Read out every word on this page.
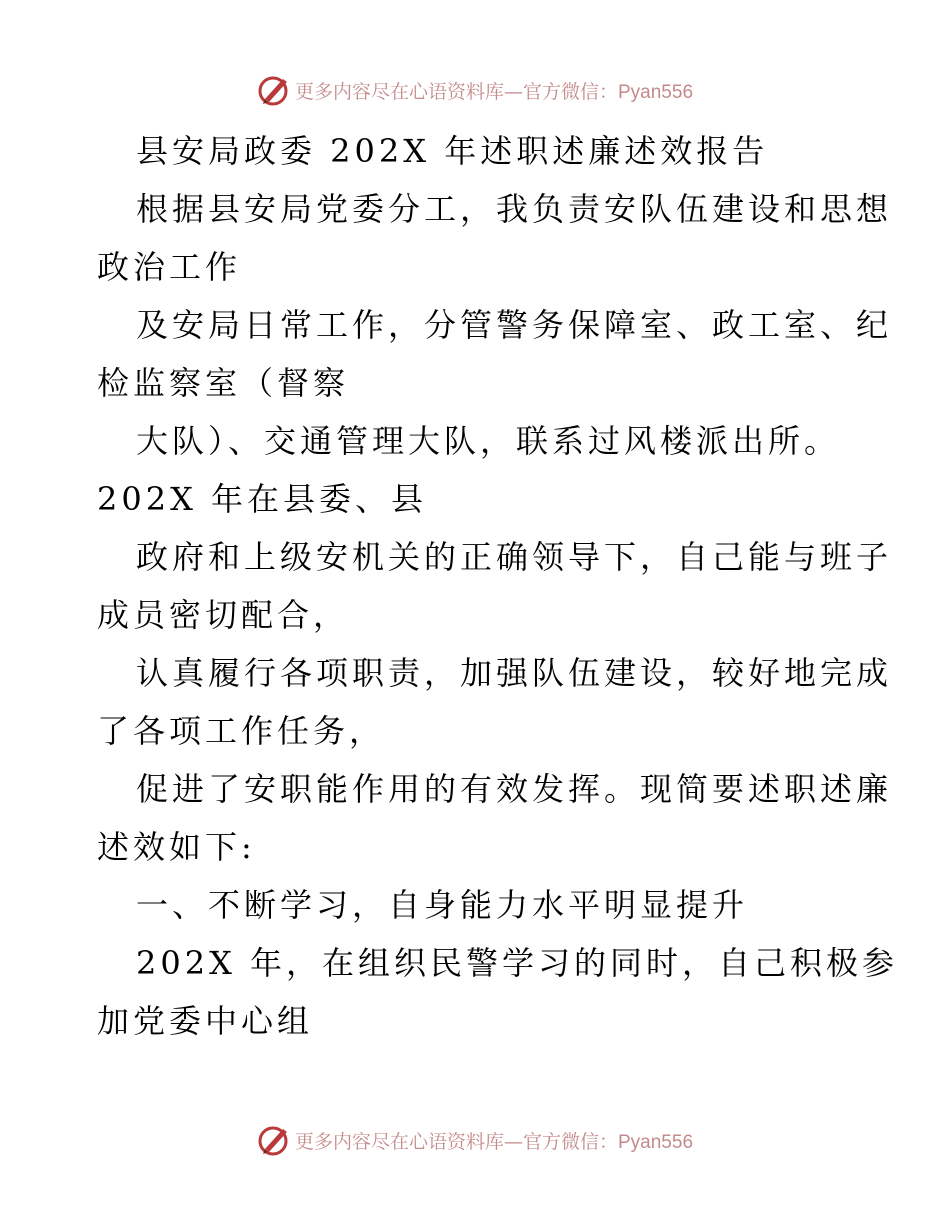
更多内容尽在心语资料库—官方微信：Pyan556
县安局政委 202X 年述职述廉述效报告
根据县安局党委分工，我负责安队伍建设和思想
政治工作
及安局日常工作，分管警务保障室、政工室、纪
检监察室（督察
大队）、交通管理大队，联系过风楼派出所。
202X 年在县委、县
政府和上级安机关的正确领导下，自己能与班子
成员密切配合，
认真履行各项职责，加强队伍建设，较好地完成
了各项工作任务，
促进了安职能作用的有效发挥。现简要述职述廉
述效如下:
一、不断学习，自身能力水平明显提升
202X 年，在组织民警学习的同时，自己积极参
加党委中心组
更多内容尽在心语资料库—官方微信：Pyan556
